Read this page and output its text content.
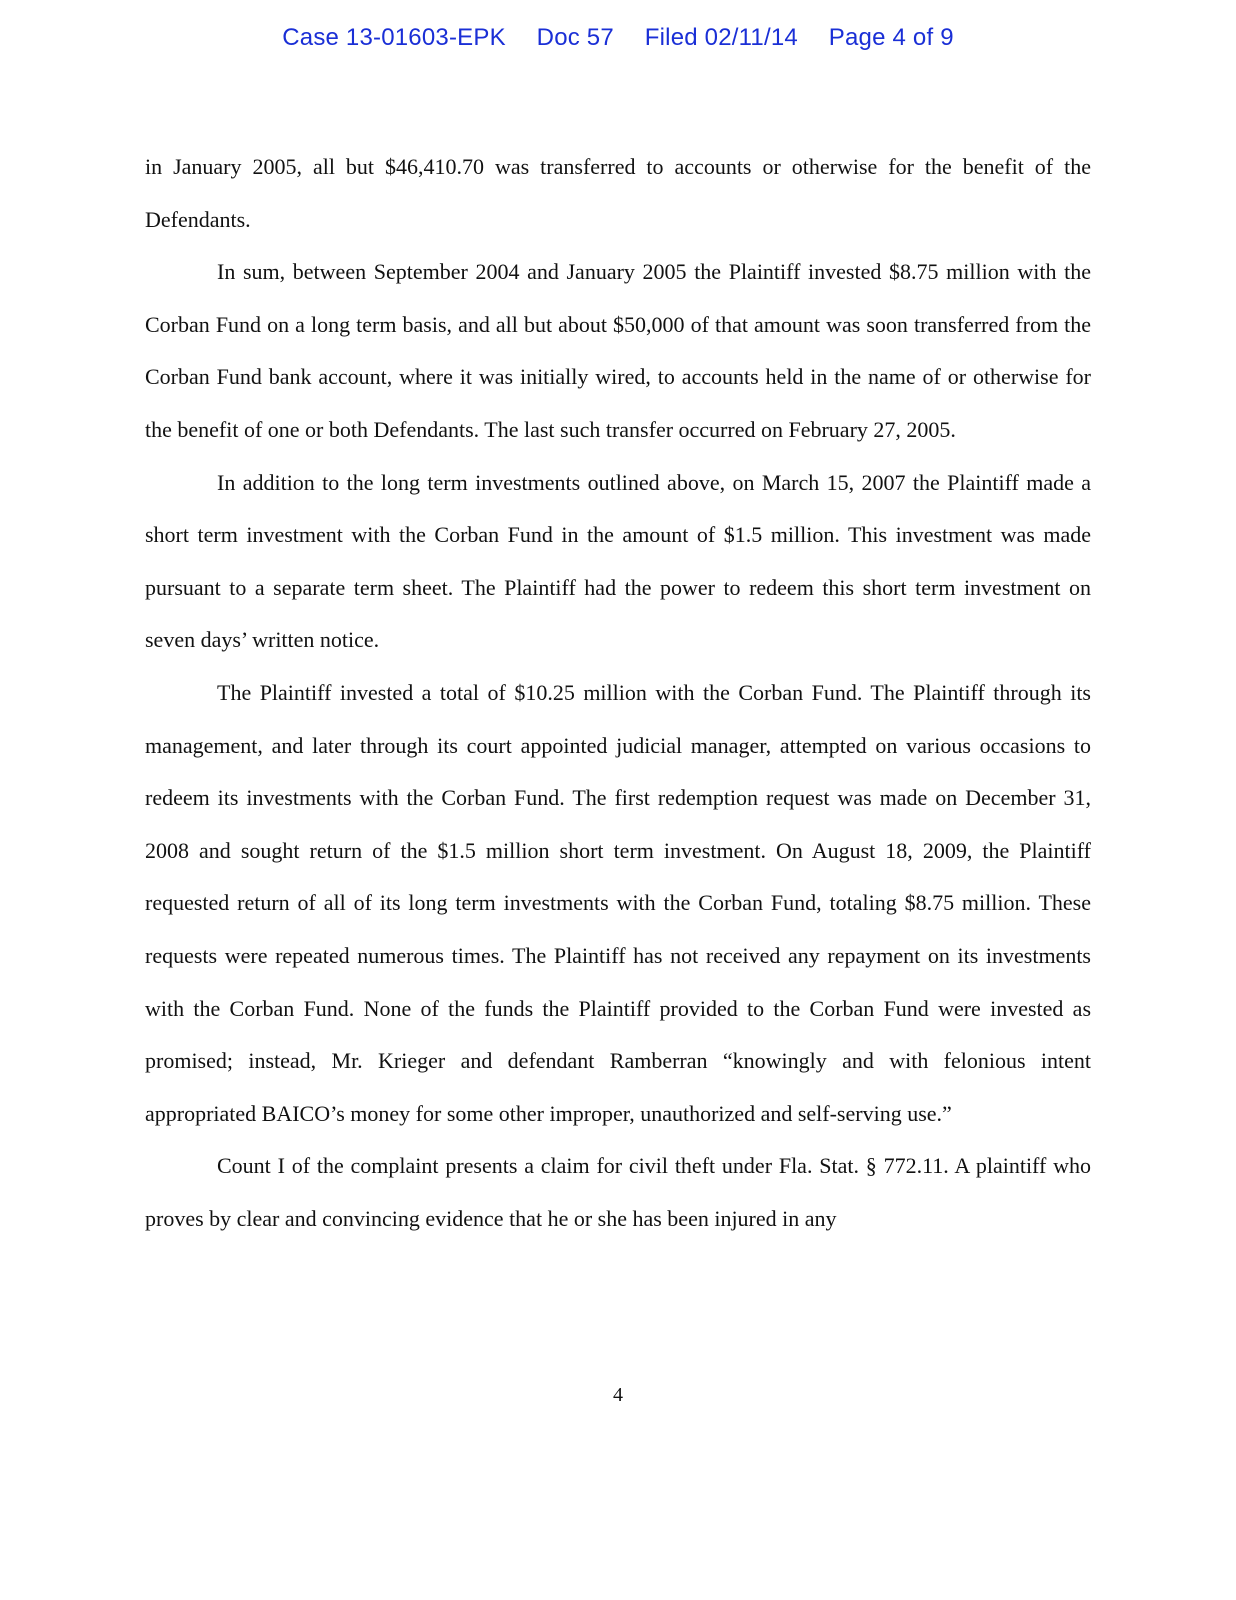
Case 13-01603-EPK Doc 57 Filed 02/11/14 Page 4 of 9

in January 2005, all but $46,410.70 was transferred to accounts or otherwise for the benefit of the Defendants.

In sum, between September 2004 and January 2005 the Plaintiff invested $8.75 million with the Corban Fund on a long term basis, and all but about $50,000 of that amount was soon transferred from the Corban Fund bank account, where it was initially wired, to accounts held in the name of or otherwise for the benefit of one or both Defendants. The last such transfer occurred on February 27, 2005.

In addition to the long term investments outlined above, on March 15, 2007 the Plaintiff made a short term investment with the Corban Fund in the amount of $1.5 million. This investment was made pursuant to a separate term sheet. The Plaintiff had the power to redeem this short term investment on seven days’ written notice.

The Plaintiff invested a total of $10.25 million with the Corban Fund. The Plaintiff through its management, and later through its court appointed judicial manager, attempted on various occasions to redeem its investments with the Corban Fund. The first redemption request was made on December 31, 2008 and sought return of the $1.5 million short term investment. On August 18, 2009, the Plaintiff requested return of all of its long term investments with the Corban Fund, totaling $8.75 million. These requests were repeated numerous times. The Plaintiff has not received any repayment on its investments with the Corban Fund. None of the funds the Plaintiff provided to the Corban Fund were invested as promised; instead, Mr. Krieger and defendant Ramberran “knowingly and with felonious intent appropriated BAICO’s money for some other improper, unauthorized and self-serving use.”

Count I of the complaint presents a claim for civil theft under Fla. Stat. § 772.11. A plaintiff who proves by clear and convincing evidence that he or she has been injured in any

4
